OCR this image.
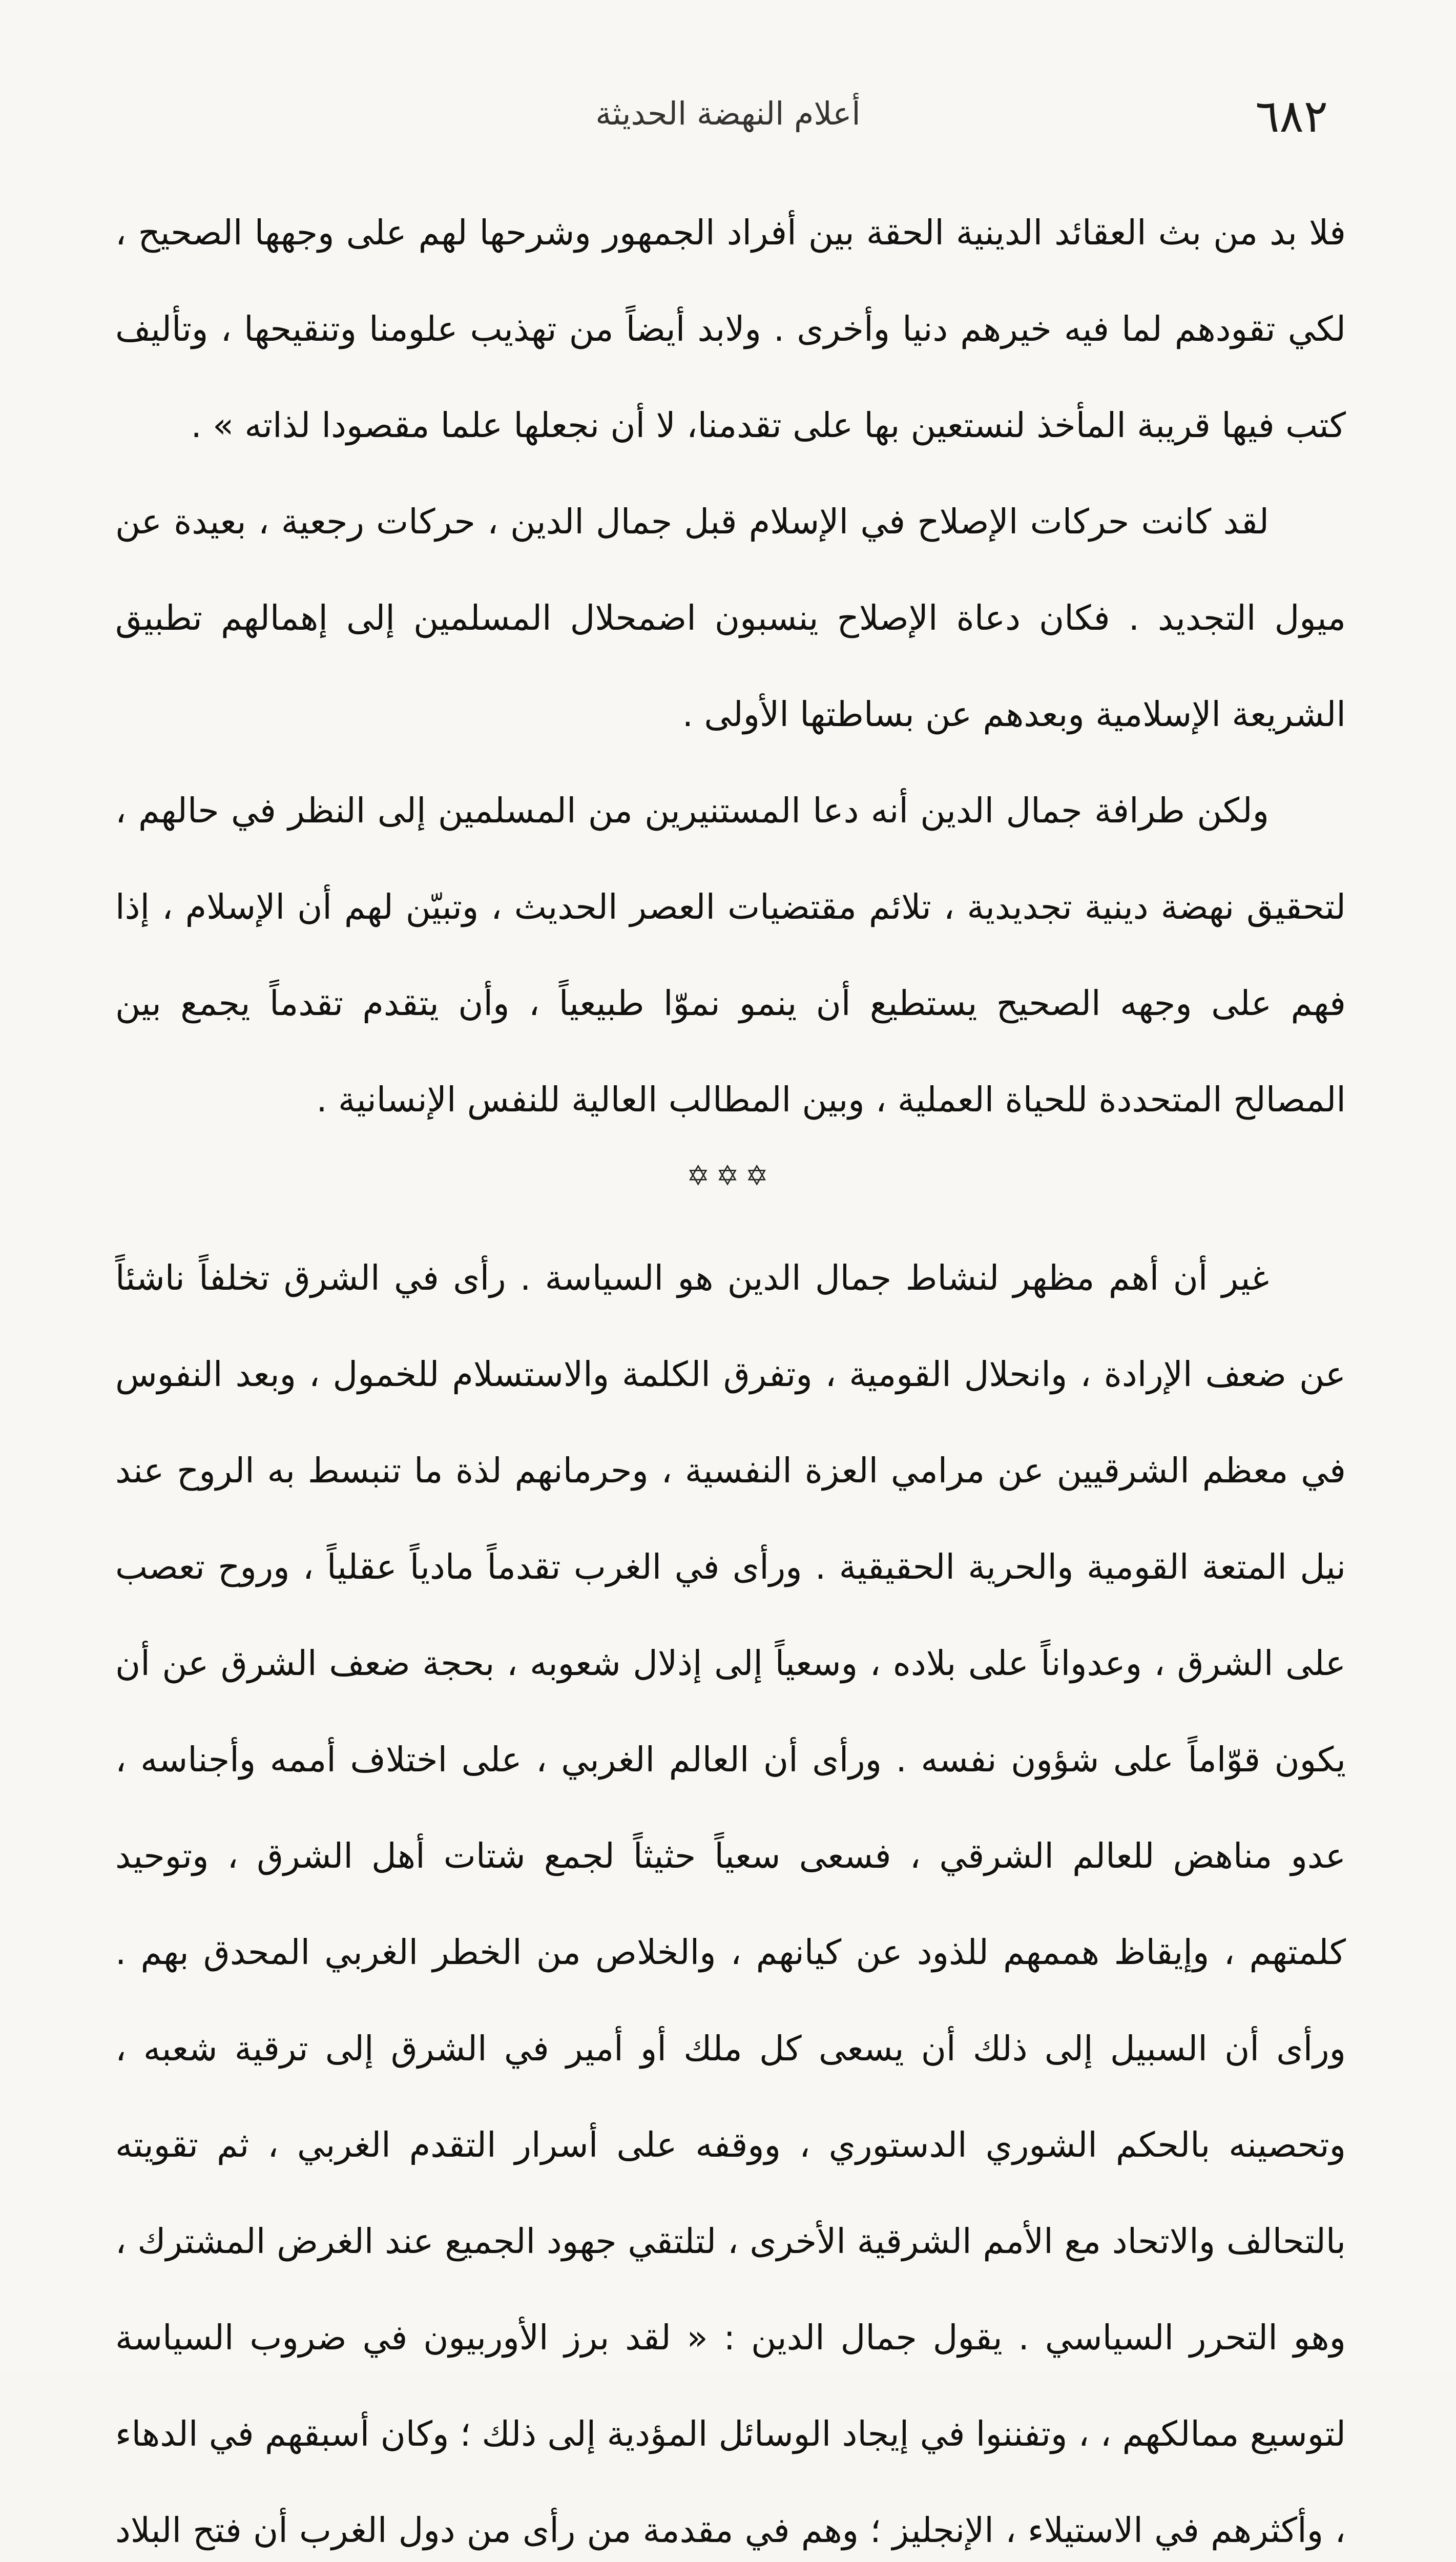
٦٨٢
أعلام النهضة الحديثة

فلا بد من بث العقائد الدينية الحقة بين أفراد الجمهور وشرحها لهم على وجهها الصحيح ، لكي تقودهم لما فيه خيرهم دنيا وأخرى . ولابد أيضاً من تهذيب علومنا وتنقيحها ، وتأليف كتب فيها قريبة المأخذ لنستعين بها على تقدمنا، لا أن نجعلها علما مقصودا لذاته » .

لقد كانت حركات الإصلاح في الإسلام قبل جمال الدين ، حركات رجعية ، بعيدة عن ميول التجديد . فكان دعاة الإصلاح ينسبون اضمحلال المسلمين إلى إهمالهم تطبيق الشريعة الإسلامية وبعدهم عن بساطتها الأولى .

ولكن طرافة جمال الدين أنه دعا المستنيرين من المسلمين إلى النظر في حالهم ، لتحقيق نهضة دينية تجديدية ، تلائم مقتضيات العصر الحديث ، وتبيّن لهم أن الإسلام ، إذا فهم على وجهه الصحيح يستطيع أن ينمو نموّا طبيعياً ، وأن يتقدم تقدماً يجمع بين المصالح المتحددة للحياة العملية ، وبين المطالب العالية للنفس الإنسانية .

✡✡✡

غير أن أهم مظهر لنشاط جمال الدين هو السياسة . رأى في الشرق تخلفاً ناشئاً عن ضعف الإرادة ، وانحلال القومية ، وتفرق الكلمة والاستسلام للخمول ، وبعد النفوس في معظم الشرقيين عن مرامي العزة النفسية ، وحرمانهم لذة ما تنبسط به الروح عند نيل المتعة القومية والحرية الحقيقية . ورأى في الغرب تقدماً مادياً عقلياً ، وروح تعصب على الشرق ، وعدواناً على بلاده ، وسعياً إلى إذلال شعوبه ، بحجة ضعف الشرق عن أن يكون قوّاماً على شؤون نفسه . ورأى أن العالم الغربي ، على اختلاف أممه وأجناسه ، عدو مناهض للعالم الشرقي ، فسعى سعياً حثيثاً لجمع شتات أهل الشرق ، وتوحيد كلمتهم ، وإيقاظ هممهم للذود عن كيانهم ، والخلاص من الخطر الغربي المحدق بهم . ورأى أن السبيل إلى ذلك أن يسعى كل ملك أو أمير في الشرق إلى ترقية شعبه ، وتحصينه بالحكم الشوري الدستوري ، ووقفه على أسرار التقدم الغربي ، ثم تقويته بالتحالف والاتحاد مع الأمم الشرقية الأخرى ، لتلتقي جهود الجميع عند الغرض المشترك ، وهو التحرر السياسي . يقول جمال الدين : « لقد برز الأوربيون في ضروب السياسة لتوسيع ممالكهم ، ، وتفننوا في إيجاد الوسائل المؤدية إلى ذلك ؛ وكان أسبقهم في الدهاء ، وأكثرهم في الاستيلاء ، الإنجليز ؛ وهم في مقدمة من رأى من دول الغرب أن فتح البلاد
